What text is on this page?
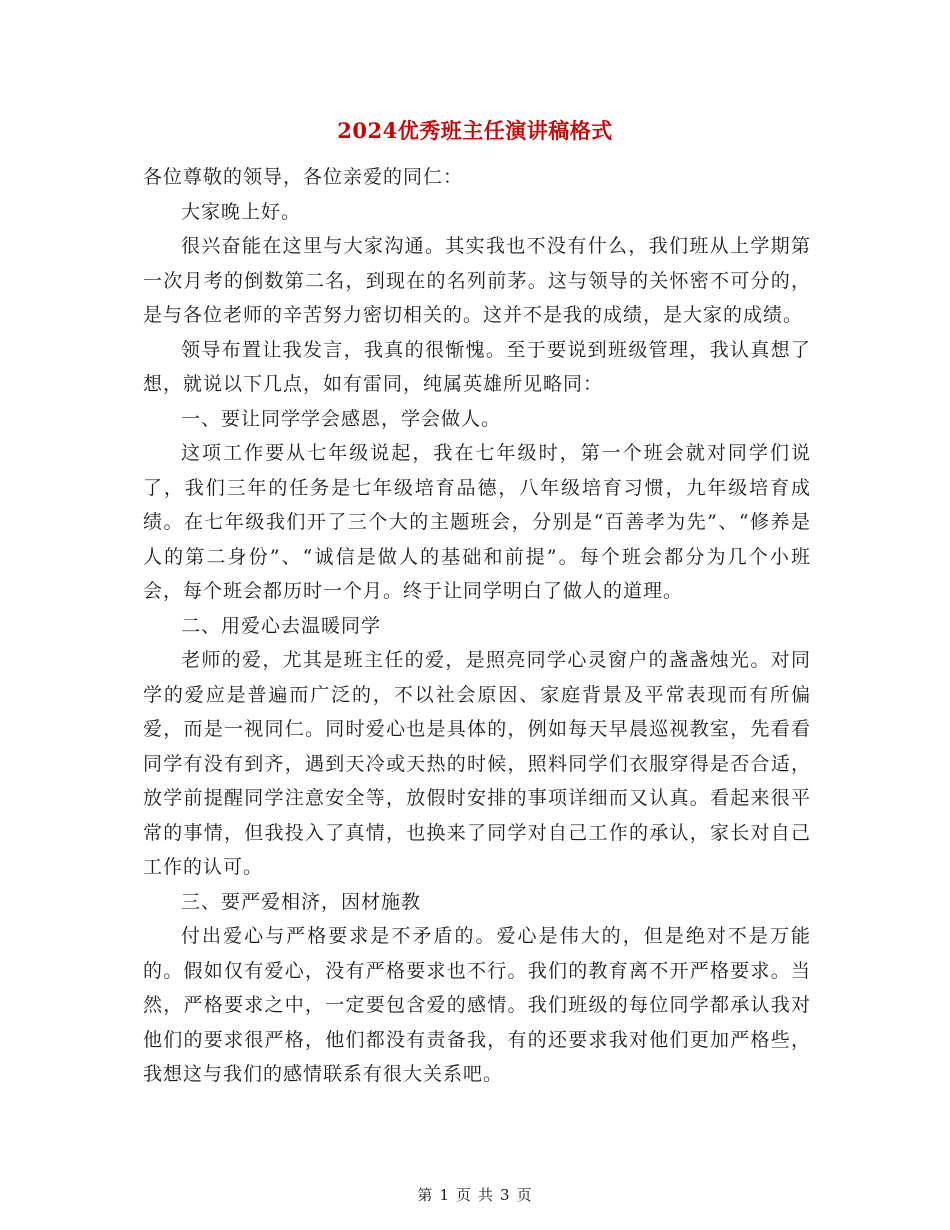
2024优秀班主任演讲稿格式

各位尊敬的领导，各位亲爱的同仁：

大家晚上好。

很兴奋能在这里与大家沟通。其实我也不没有什么，我们班从上学期第一次月考的倒数第二名，到现在的名列前茅。这与领导的关怀密不可分的，是与各位老师的辛苦努力密切相关的。这并不是我的成绩，是大家的成绩。

领导布置让我发言，我真的很惭愧。至于要说到班级管理，我认真想了想，就说以下几点，如有雷同，纯属英雄所见略同：

一、要让同学学会感恩，学会做人。

这项工作要从七年级说起，我在七年级时，第一个班会就对同学们说了，我们三年的任务是七年级培育品德，八年级培育习惯，九年级培育成绩。在七年级我们开了三个大的主题班会，分别是“百善孝为先”、“修养是人的第二身份”、“诚信是做人的基础和前提”。每个班会都分为几个小班会，每个班会都历时一个月。终于让同学明白了做人的道理。

二、用爱心去温暖同学

老师的爱，尤其是班主任的爱，是照亮同学心灵窗户的盏盏烛光。对同学的爱应是普遍而广泛的，不以社会原因、家庭背景及平常表现而有所偏爱，而是一视同仁。同时爱心也是具体的，例如每天早晨巡视教室，先看看同学有没有到齐，遇到天冷或天热的时候，照料同学们衣服穿得是否合适，放学前提醒同学注意安全等，放假时安排的事项详细而又认真。看起来很平常的事情，但我投入了真情，也换来了同学对自己工作的承认，家长对自己工作的认可。

三、要严爱相济，因材施教

付出爱心与严格要求是不矛盾的。爱心是伟大的，但是绝对不是万能的。假如仅有爱心，没有严格要求也不行。我们的教育离不开严格要求。当然，严格要求之中，一定要包含爱的感情。我们班级的每位同学都承认我对他们的要求很严格，他们都没有责备我，有的还要求我对他们更加严格些，我想这与我们的感情联系有很大关系吧。

第 1 页 共 3 页
